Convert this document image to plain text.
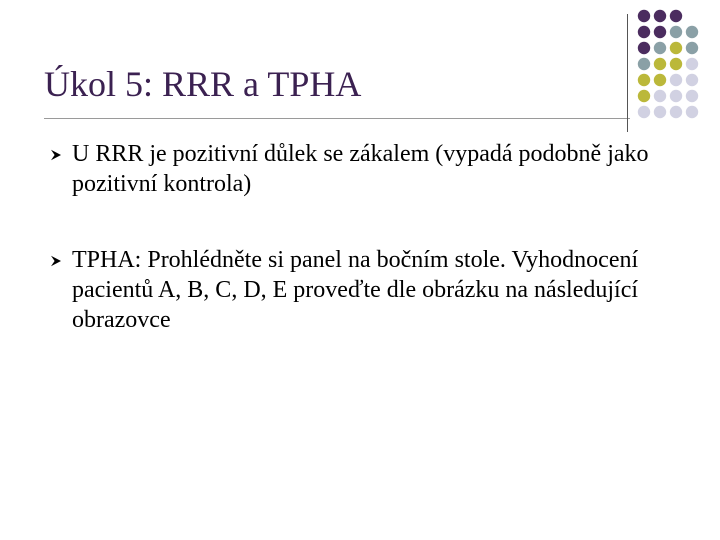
Úkol 5: RRR a TPHA
U RRR je pozitivní důlek se zákalem (vypadá podobně jako pozitivní kontrola)
TPHA: Prohlédněte si panel na bočním stole. Vyhodnocení pacientů A, B, C, D, E proveďte dle obrázku na následující obrazovce
